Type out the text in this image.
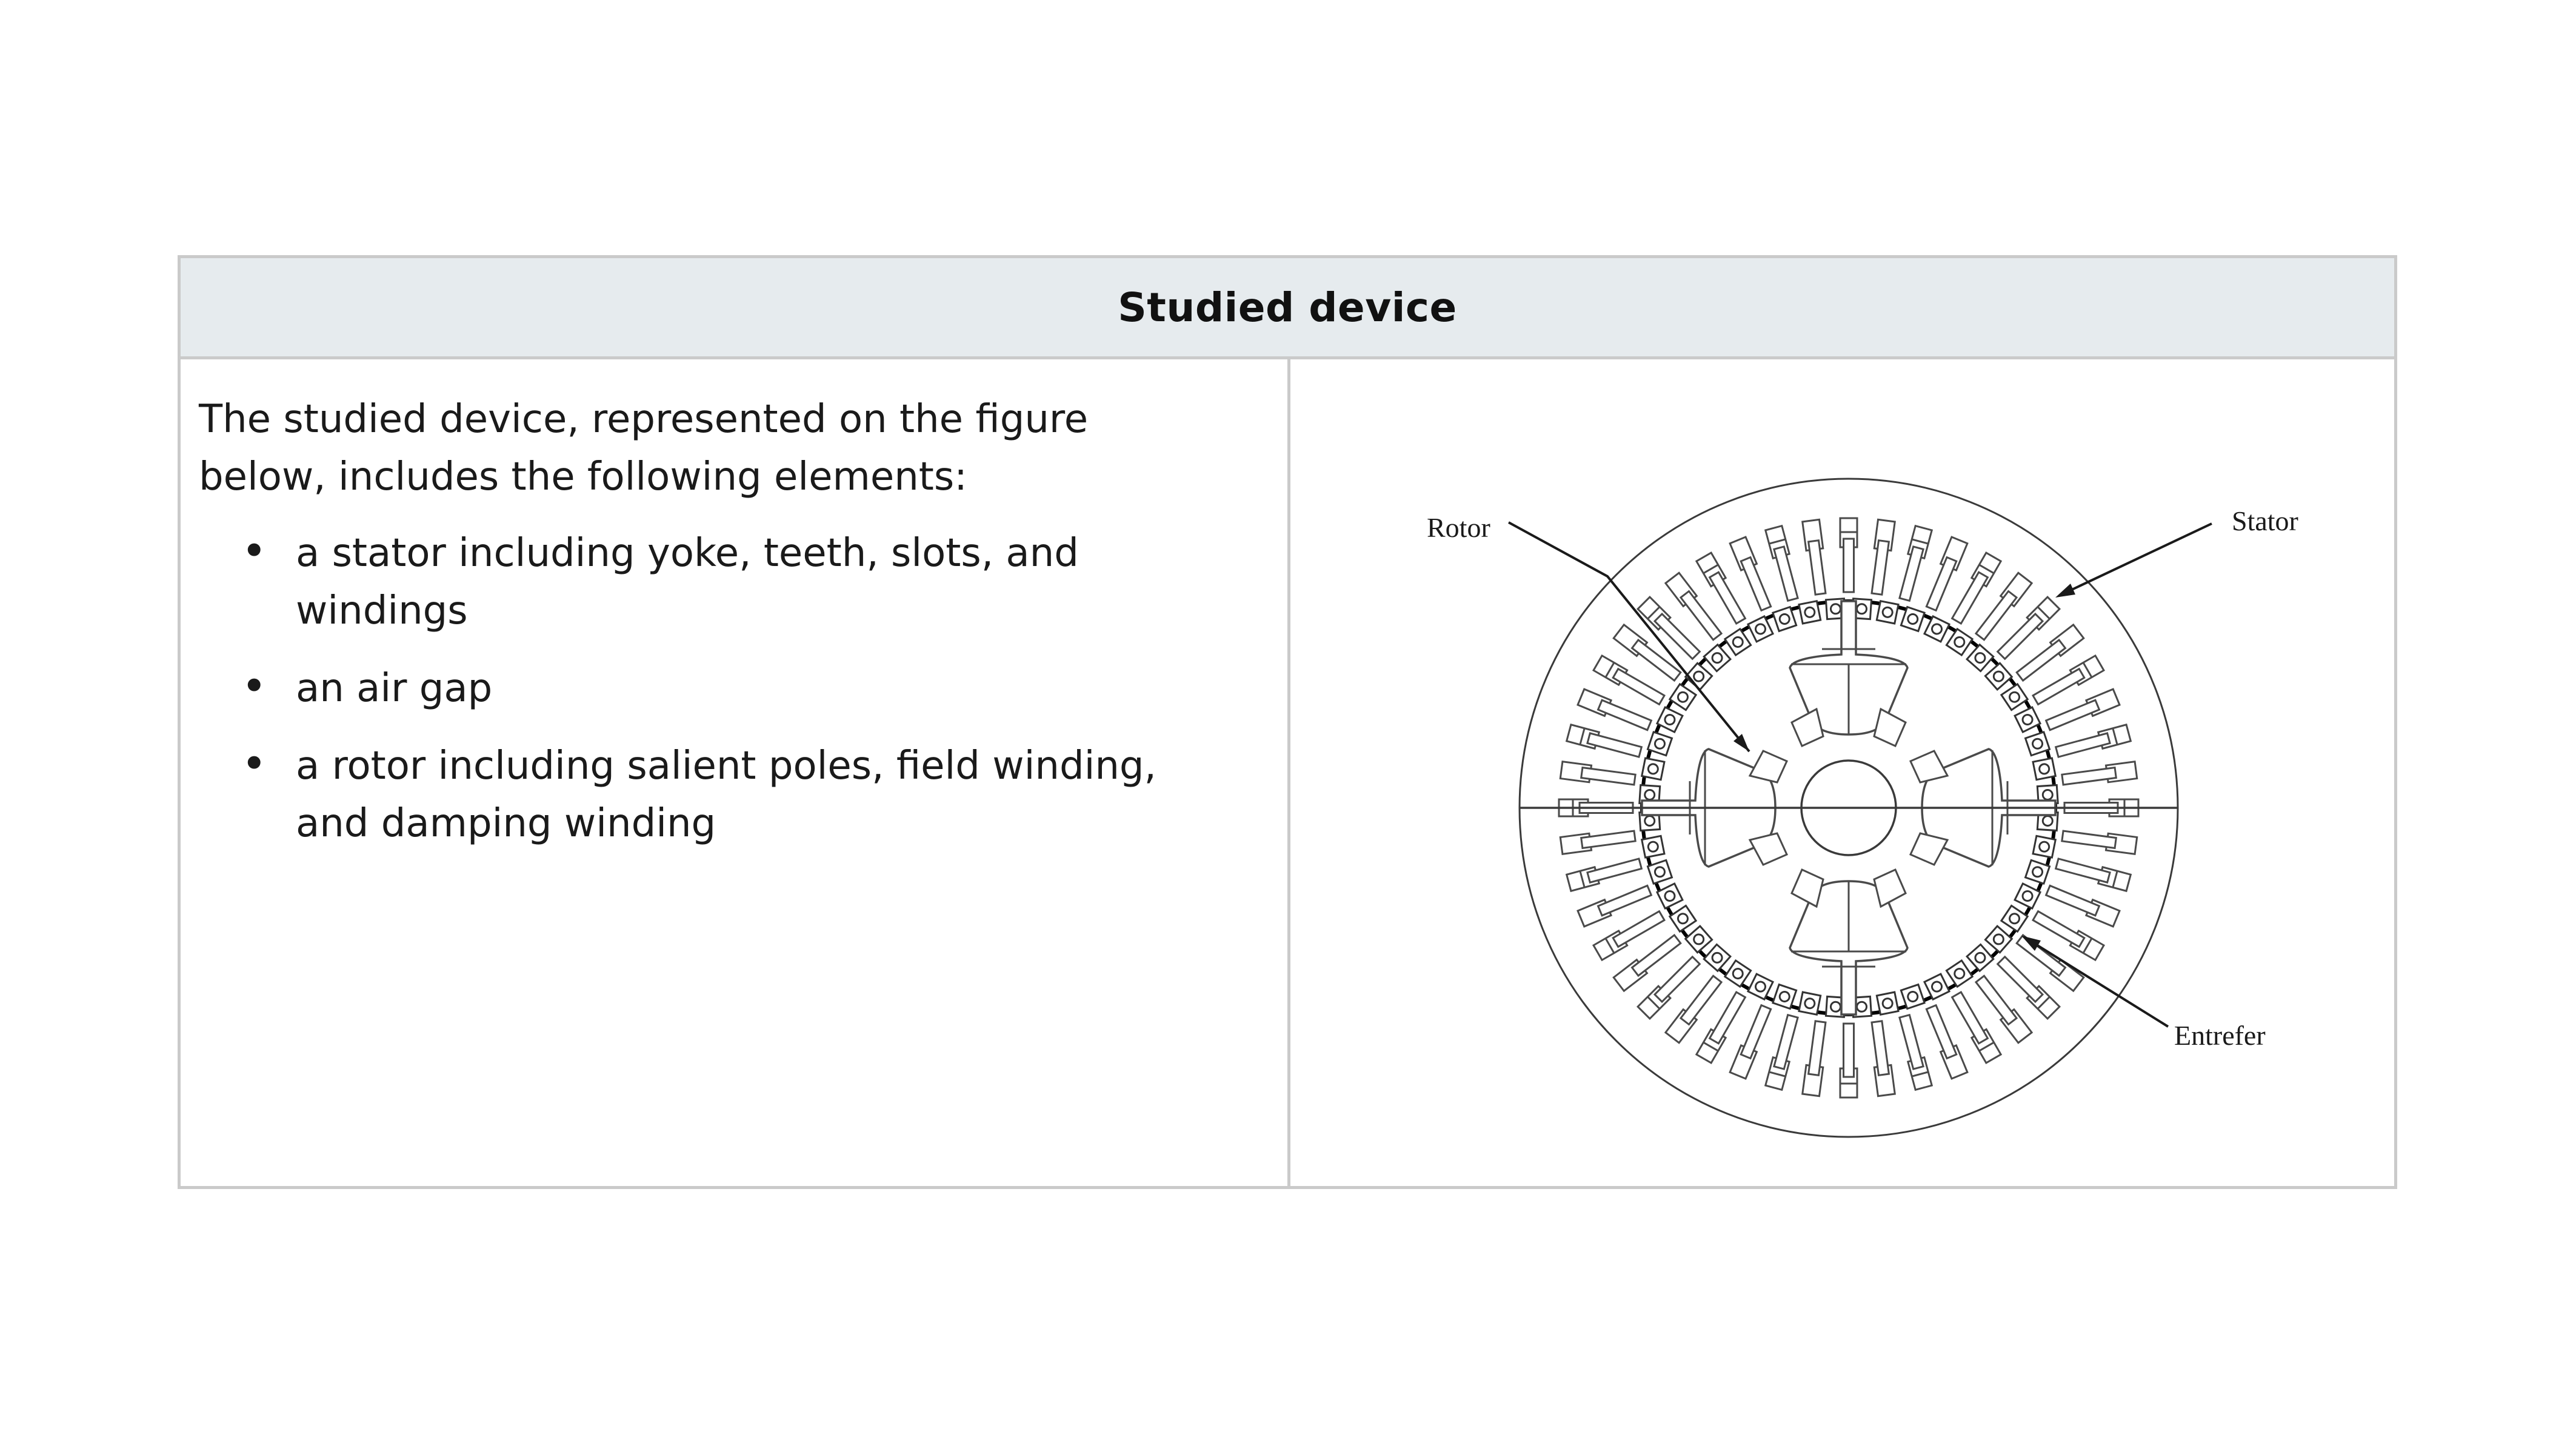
Studied device

The studied device, represented on the figure
below, includes the following elements:

• a stator including yoke, teeth, slots, and
windings
• an air gap
• a rotor including salient poles, field winding,
and damping winding
Rotor	Stator
Entrefer
